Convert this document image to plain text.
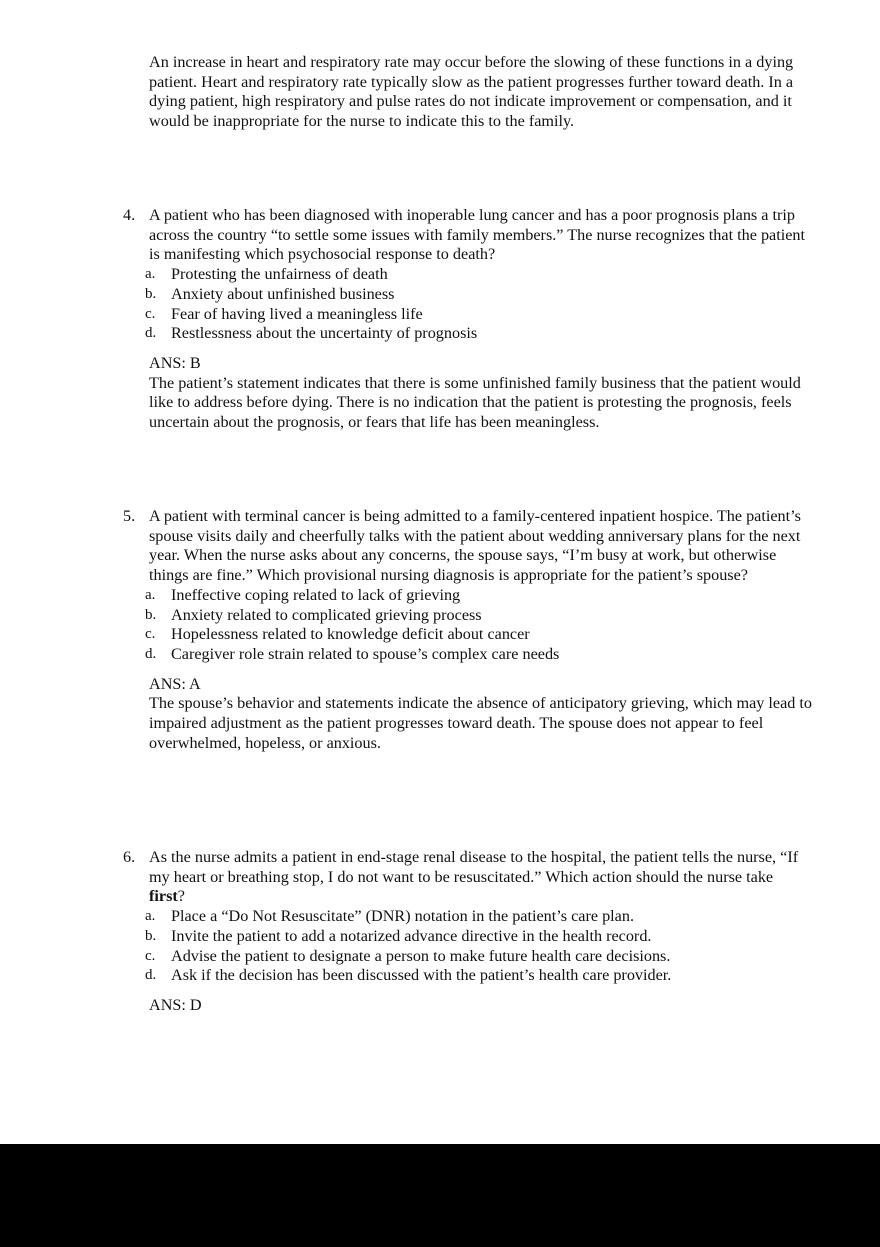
An increase in heart and respiratory rate may occur before the slowing of these functions in a dying patient. Heart and respiratory rate typically slow as the patient progresses further toward death. In a dying patient, high respiratory and pulse rates do not indicate improvement or compensation, and it would be inappropriate for the nurse to indicate this to the family.

4. A patient who has been diagnosed with inoperable lung cancer and has a poor prognosis plans a trip across the country “to settle some issues with family members.” The nurse recognizes that the patient is manifesting which psychosocial response to death?
a. Protesting the unfairness of death
b. Anxiety about unfinished business
c. Fear of having lived a meaningless life
d. Restlessness about the uncertainty of prognosis
ANS: B
The patient’s statement indicates that there is some unfinished family business that the patient would like to address before dying. There is no indication that the patient is protesting the prognosis, feels uncertain about the prognosis, or fears that life has been meaningless.
5. A patient with terminal cancer is being admitted to a family-centered inpatient hospice. The patient’s spouse visits daily and cheerfully talks with the patient about wedding anniversary plans for the next year. When the nurse asks about any concerns, the spouse says, “I’m busy at work, but otherwise things are fine.” Which provisional nursing diagnosis is appropriate for the patient’s spouse?
a. Ineffective coping related to lack of grieving
b. Anxiety related to complicated grieving process
c. Hopelessness related to knowledge deficit about cancer
d. Caregiver role strain related to spouse’s complex care needs
ANS: A
The spouse’s behavior and statements indicate the absence of anticipatory grieving, which may lead to impaired adjustment as the patient progresses toward death. The spouse does not appear to feel overwhelmed, hopeless, or anxious.
6. As the nurse admits a patient in end-stage renal disease to the hospital, the patient tells the nurse, “If my heart or breathing stop, I do not want to be resuscitated.” Which action should the nurse take first?
a. Place a “Do Not Resuscitate” (DNR) notation in the patient’s care plan.
b. Invite the patient to add a notarized advance directive in the health record.
c. Advise the patient to designate a person to make future health care decisions.
d. Ask if the decision has been discussed with the patient’s health care provider.
ANS: D
